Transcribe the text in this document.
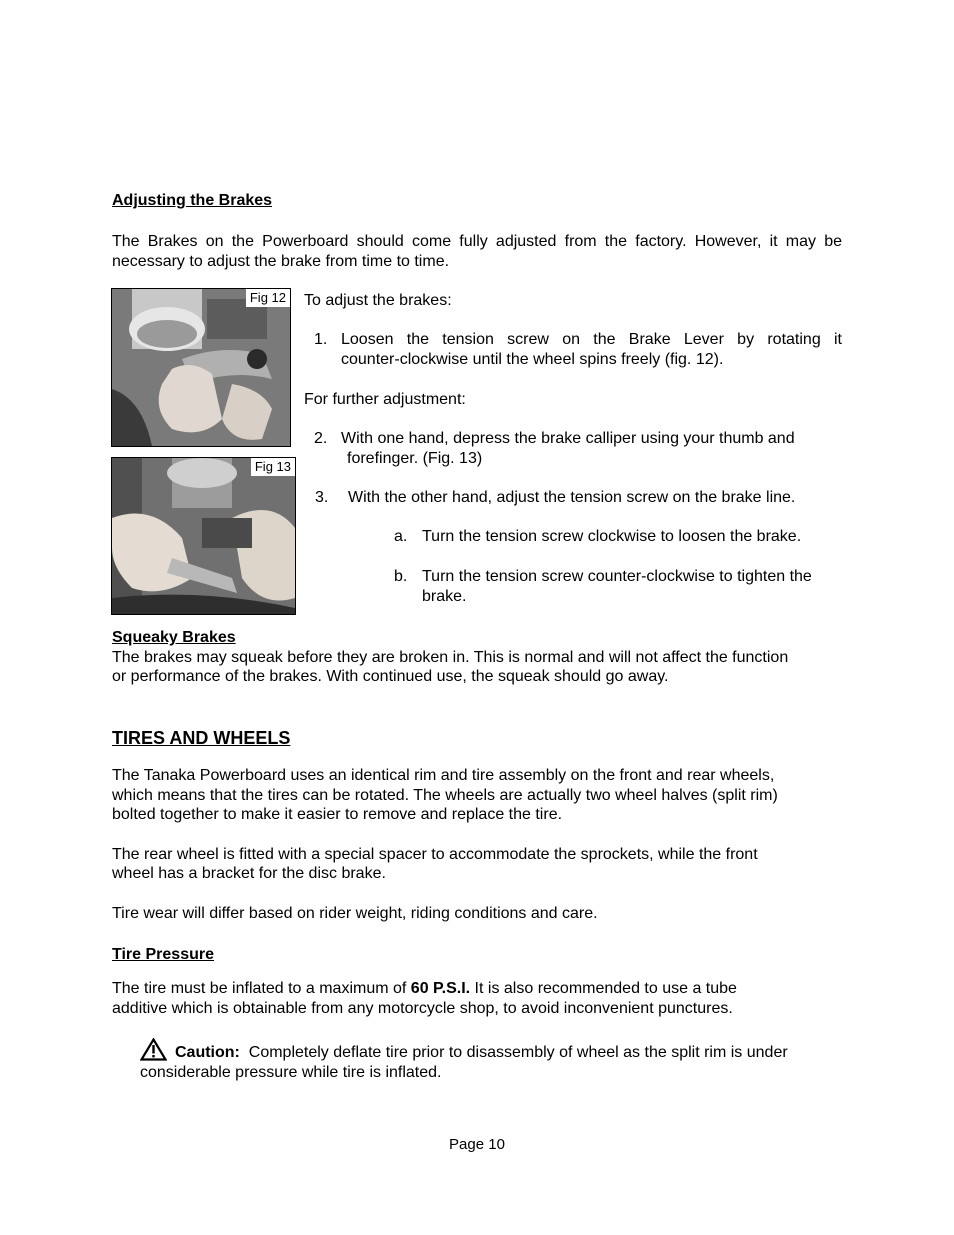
Adjusting the Brakes
The Brakes on the Powerboard should come fully adjusted from the factory. However, it may be
necessary to adjust the brake from time to time.
Fig 12
Fig 13
To adjust the brakes:
1. Loosen the tension screw on the Brake Lever by rotating it
counter-clockwise until the wheel spins freely (fig. 12).
For further adjustment:
2. With one hand, depress the brake calliper using your thumb and
forefinger. (Fig. 13)
3.	With the other hand, adjust the tension screw on the brake line.
a. Turn the tension screw clockwise to loosen the brake.
b. Turn the tension screw counter-clockwise to tighten the
brake.
Squeaky Brakes
The brakes may squeak before they are broken in. This is normal and will not affect the function
or performance of the brakes. With continued use, the squeak should go away.
TIRES AND WHEELS
The Tanaka Powerboard uses an identical rim and tire assembly on the front and rear wheels,
which means that the tires can be rotated. The wheels are actually two wheel halves (split rim)
bolted together to make it easier to remove and replace the tire.
The rear wheel is fitted with a special spacer to accommodate the sprockets, while the front
wheel has a bracket for the disc brake.
Tire wear will differ based on rider weight, riding conditions and care.
Tire Pressure
The tire must be inflated to a maximum of 60 P.S.I. It is also recommended to use a tube
additive which is obtainable from any motorcycle shop, to avoid inconvenient punctures.
Caution:  Completely deflate tire prior to disassembly of wheel as the split rim is under
considerable pressure while tire is inflated.
Page 10
